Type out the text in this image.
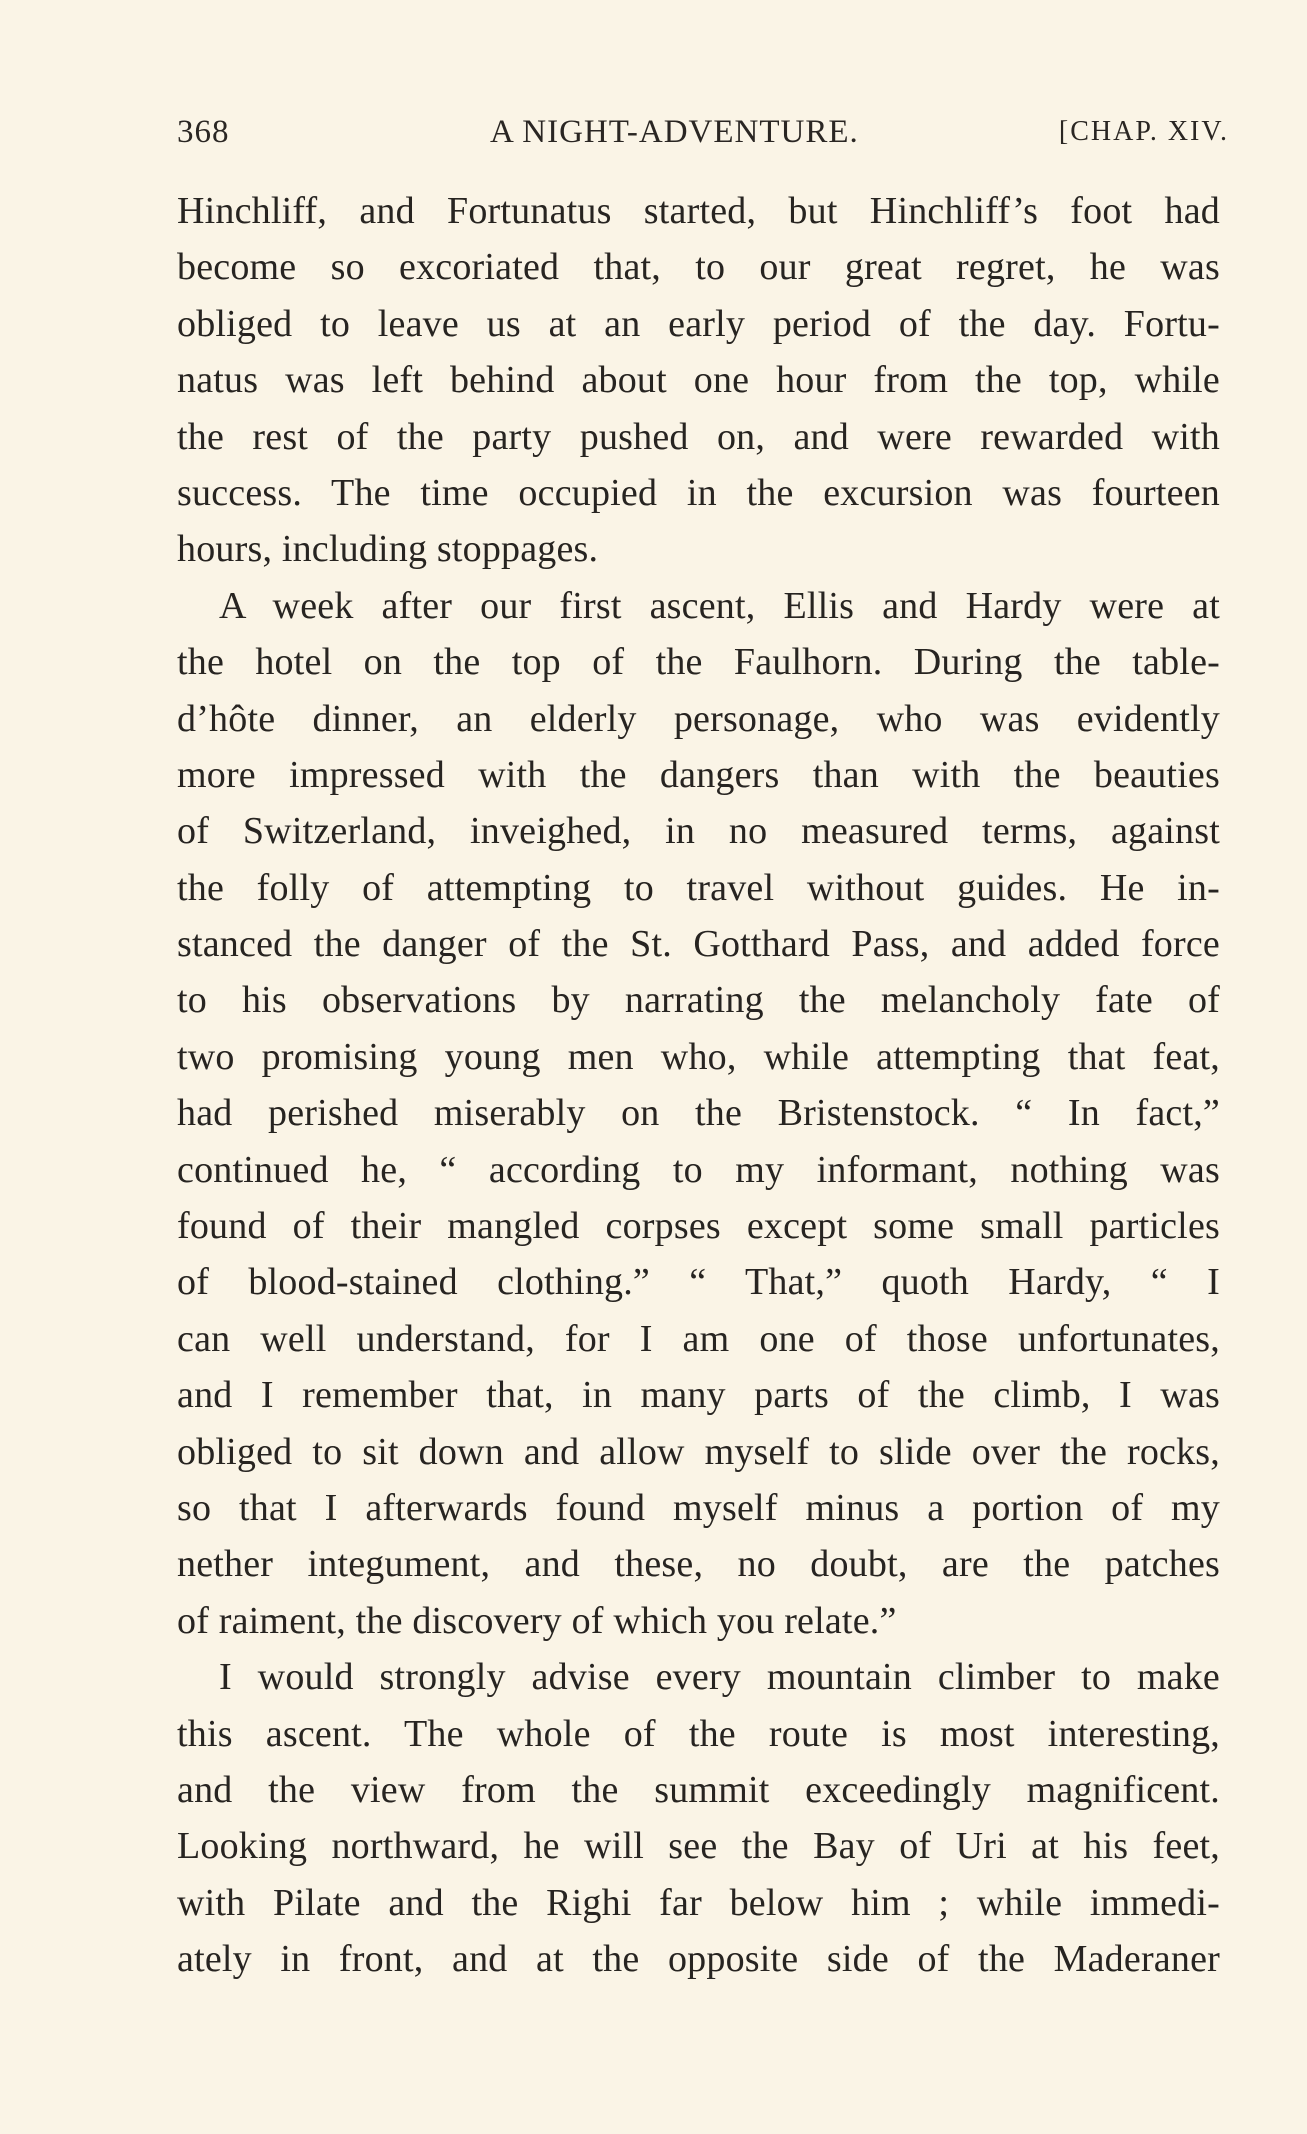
368	A NIGHT-ADVENTURE.	[CHAP. XIV.
Hinchliff, and Fortunatus started, but Hinchliff’s foot had
become so excoriated that, to our great regret, he was
obliged to leave us at an early period of the day. Fortu-
natus was left behind about one hour from the top, while
the rest of the party pushed on, and were rewarded with
success. The time occupied in the excursion was fourteen
hours, including stoppages.
A week after our first ascent, Ellis and Hardy were at
the hotel on the top of the Faulhorn. During the table-
d’hôte dinner, an elderly personage, who was evidently
more impressed with the dangers than with the beauties
of Switzerland, inveighed, in no measured terms, against
the folly of attempting to travel without guides. He in-
stanced the danger of the St. Gotthard Pass, and added force
to his observations by narrating the melancholy fate of
two promising young men who, while attempting that feat,
had perished miserably on the Bristenstock. “ In fact,”
continued he, “ according to my informant, nothing was
found of their mangled corpses except some small particles
of blood-stained clothing.” “ That,” quoth Hardy, “ I
can well understand, for I am one of those unfortunates,
and I remember that, in many parts of the climb, I was
obliged to sit down and allow myself to slide over the rocks,
so that I afterwards found myself minus a portion of my
nether integument, and these, no doubt, are the patches
of raiment, the discovery of which you relate.”
I would strongly advise every mountain climber to make
this ascent. The whole of the route is most interesting,
and the view from the summit exceedingly magnificent.
Looking northward, he will see the Bay of Uri at his feet,
with Pilate and the Righi far below him ; while immedi-
ately in front, and at the opposite side of the Maderaner
